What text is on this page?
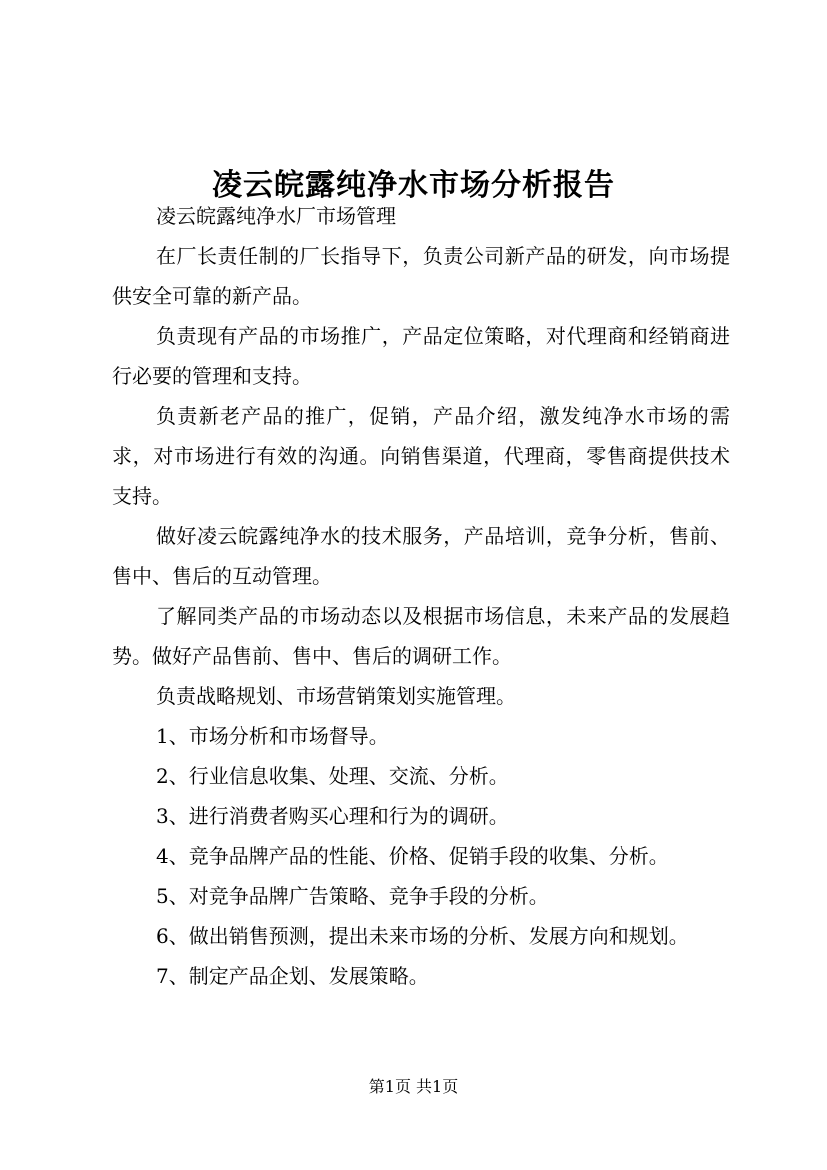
凌云皖露纯净水市场分析报告

凌云皖露纯净水厂市场管理

在厂长责任制的厂长指导下，负责公司新产品的研发，向市场提供安全可靠的新产品。

负责现有产品的市场推广，产品定位策略，对代理商和经销商进行必要的管理和支持。

负责新老产品的推广，促销，产品介绍，激发纯净水市场的需求，对市场进行有效的沟通。向销售渠道，代理商，零售商提供技术支持。

做好凌云皖露纯净水的技术服务，产品培训，竞争分析，售前、售中、售后的互动管理。

了解同类产品的市场动态以及根据市场信息，未来产品的发展趋势。做好产品售前、售中、售后的调研工作。

负责战略规划、市场营销策划实施管理。

1、市场分析和市场督导。

2、行业信息收集、处理、交流、分析。

3、进行消费者购买心理和行为的调研。

4、竞争品牌产品的性能、价格、促销手段的收集、分析。

5、对竞争品牌广告策略、竞争手段的分析。

6、做出销售预测，提出未来市场的分析、发展方向和规划。

7、制定产品企划、发展策略。

第1页 共1页
